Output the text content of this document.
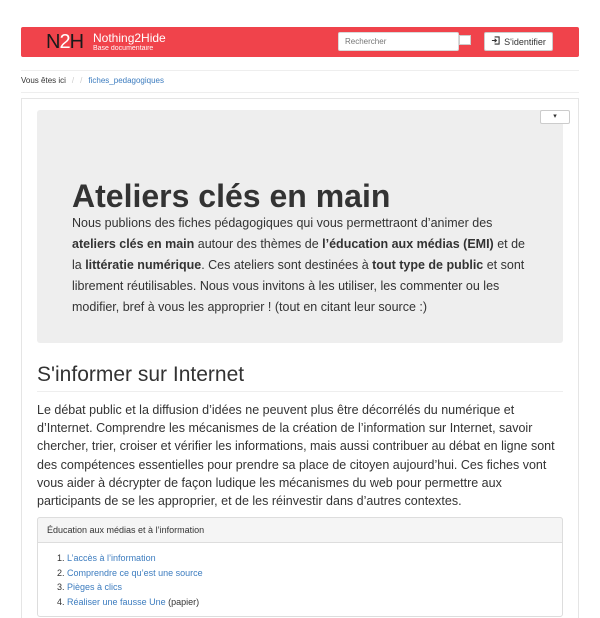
N2H Nothing2Hide
Base documentaire
Rechercher
S'identifier
Vous êtes ici / / fiches_pedagogiques
▾
Ateliers clés en main

Nous publions des fiches pédagogiques qui vous permettraont d’animer des ateliers clés en main autour des thèmes de l’éducation aux médias (EMI) et de la littératie numérique. Ces ateliers sont destinées à tout type de public et sont librement réutilisables. Nous vous invitons à les utiliser, les commenter ou les modifier, bref à vous les approprier ! (tout en citant leur source :)

S'informer sur Internet

Le débat public et la diffusion d’idées ne peuvent plus être décorrélés du numérique et d’Internet. Comprendre les mécanismes de la création de l’information sur Internet, savoir chercher, trier, croiser et vérifier les informations, mais aussi contribuer au débat en ligne sont des compétences essentielles pour prendre sa place de citoyen aujourd’hui. Ces fiches vont vous aider à décrypter de façon ludique les mécanismes du web pour permettre aux participants de se les approprier, et de les réinvestir dans d’autres contextes.

Éducation aux médias et à l’information
1. L’accès à l’information
2. Comprendre ce qu’est une source
3. Pièges à clics
4. Réaliser une fausse Une (papier)
